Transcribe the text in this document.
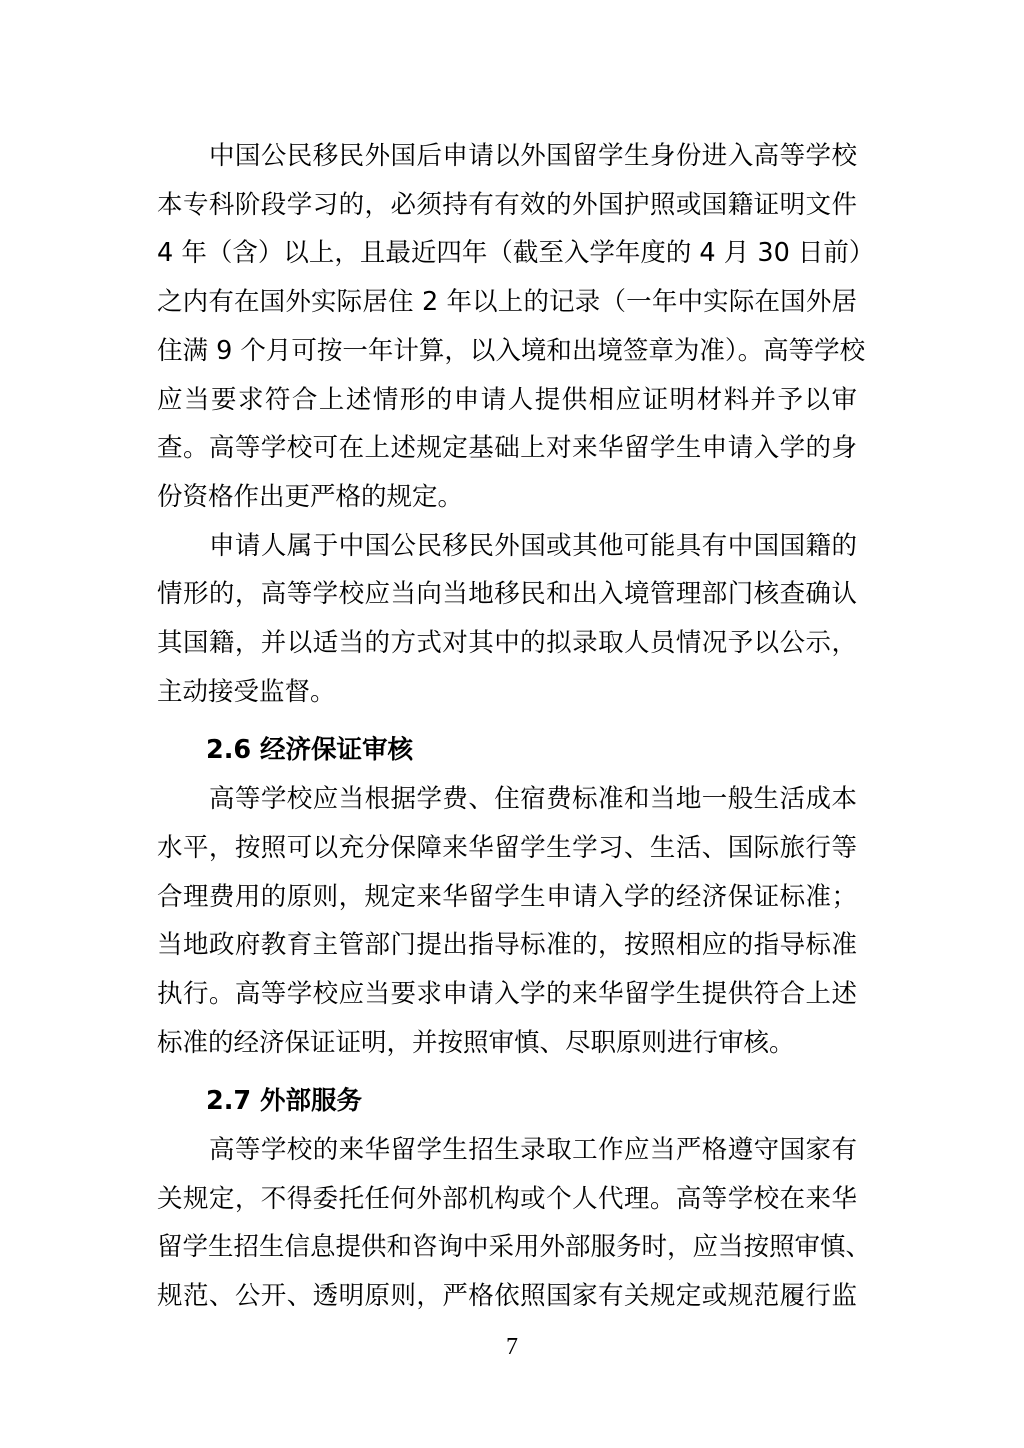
中国公民移民外国后申请以外国留学生身份进入高等学校
本专科阶段学习的，必须持有有效的外国护照或国籍证明文件
4 年（含）以上，且最近四年（截至入学年度的 4 月 30 日前）
之内有在国外实际居住 2 年以上的记录（一年中实际在国外居
住满 9 个月可按一年计算，以入境和出境签章为准）。高等学校
应当要求符合上述情形的申请人提供相应证明材料并予以审
查。高等学校可在上述规定基础上对来华留学生申请入学的身
份资格作出更严格的规定。
申请人属于中国公民移民外国或其他可能具有中国国籍的
情形的，高等学校应当向当地移民和出入境管理部门核查确认
其国籍，并以适当的方式对其中的拟录取人员情况予以公示，
主动接受监督。
2.6 经济保证审核
高等学校应当根据学费、住宿费标准和当地一般生活成本
水平，按照可以充分保障来华留学生学习、生活、国际旅行等
合理费用的原则，规定来华留学生申请入学的经济保证标准；
当地政府教育主管部门提出指导标准的，按照相应的指导标准
执行。高等学校应当要求申请入学的来华留学生提供符合上述
标准的经济保证证明，并按照审慎、尽职原则进行审核。
2.7 外部服务
高等学校的来华留学生招生录取工作应当严格遵守国家有
关规定，不得委托任何外部机构或个人代理。高等学校在来华
留学生招生信息提供和咨询中采用外部服务时，应当按照审慎、
规范、公开、透明原则，严格依照国家有关规定或规范履行监
7
